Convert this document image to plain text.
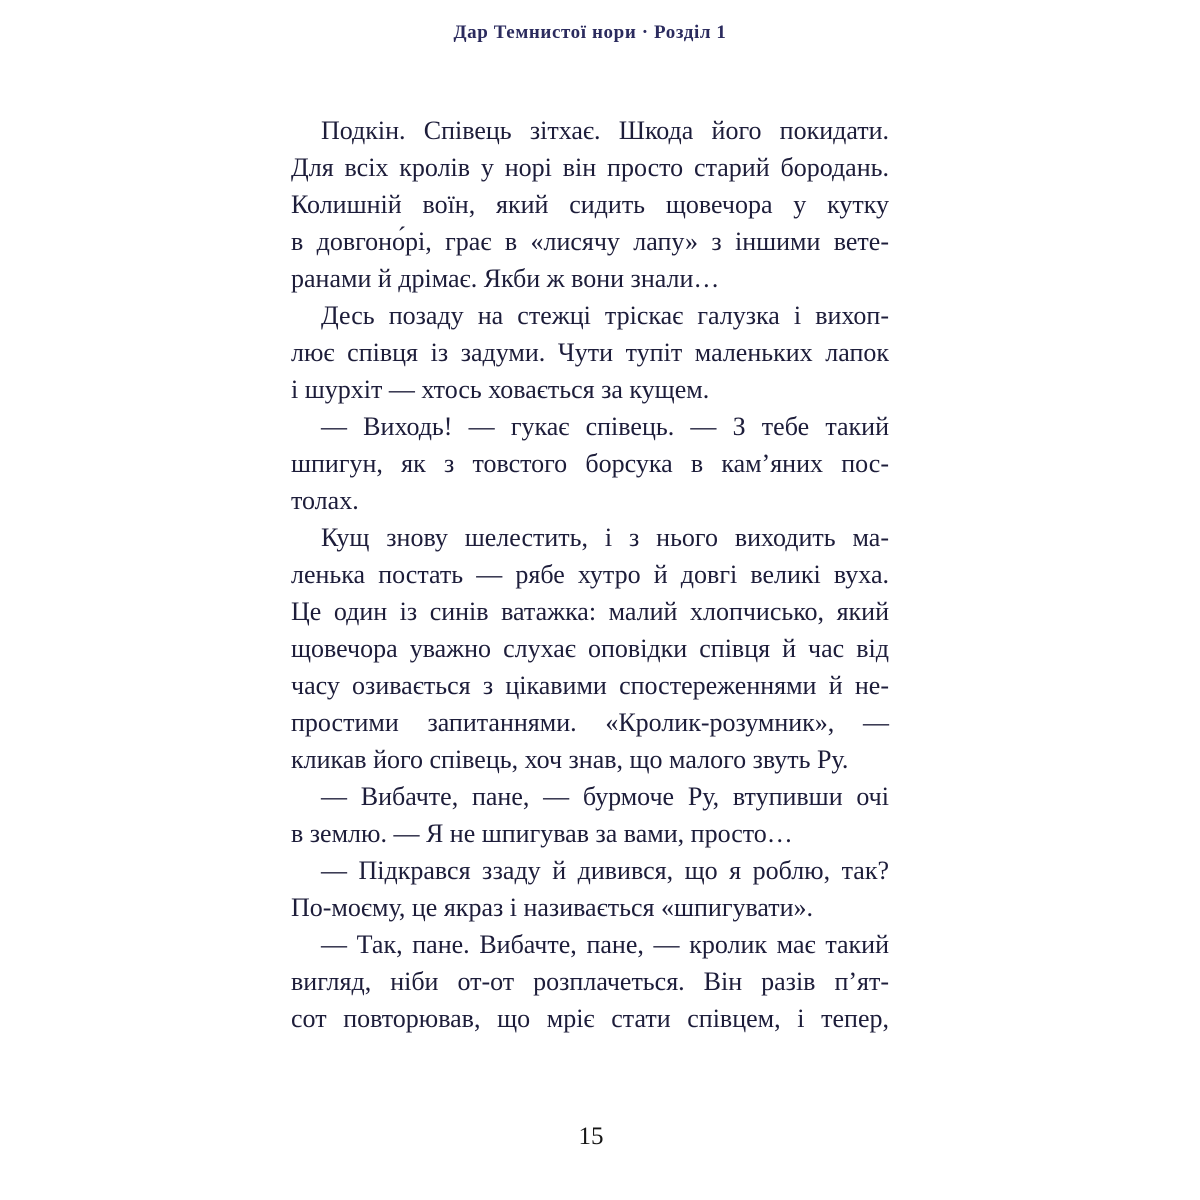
Дар Темнистої нори · Розділ 1
Подкін. Співець зітхає. Шкода його покидати.
Для всіх кролів у норі він просто старий бородань.
Колишній воїн, який сидить щовечора у кутку
в довгоно́рі, грає в «лисячу лапу» з іншими вете-
ранами й дрімає. Якби ж вони знали…
Десь позаду на стежці тріскає галузка і вихоп-
лює співця із задуми. Чути тупіт маленьких лапок
і шурхіт — хтось ховається за кущем.
— Виходь! — гукає співець. — З тебе такий
шпигун, як з товстого борсука в кам’яних пос-
толах.
Кущ знову шелестить, і з нього виходить ма-
ленька постать — рябе хутро й довгі великі вуха.
Це один із синів ватажка: малий хлопчисько, який
щовечора уважно слухає оповідки співця й час від
часу озивається з цікавими спостереженнями й не-
простими запитаннями. «Кролик-розумник», —
кликав його співець, хоч знав, що малого звуть Ру.
— Вибачте, пане, — бурмоче Ру, втупивши очі
в землю. — Я не шпигував за вами, просто…
— Підкрався ззаду й дивився, що я роблю, так?
По-моєму, це якраз і називається «шпигувати».
— Так, пане. Вибачте, пане, — кролик має такий
вигляд, ніби от-от розплачеться. Він разів п’ят-
сот повторював, що мріє стати співцем, і тепер,
15
